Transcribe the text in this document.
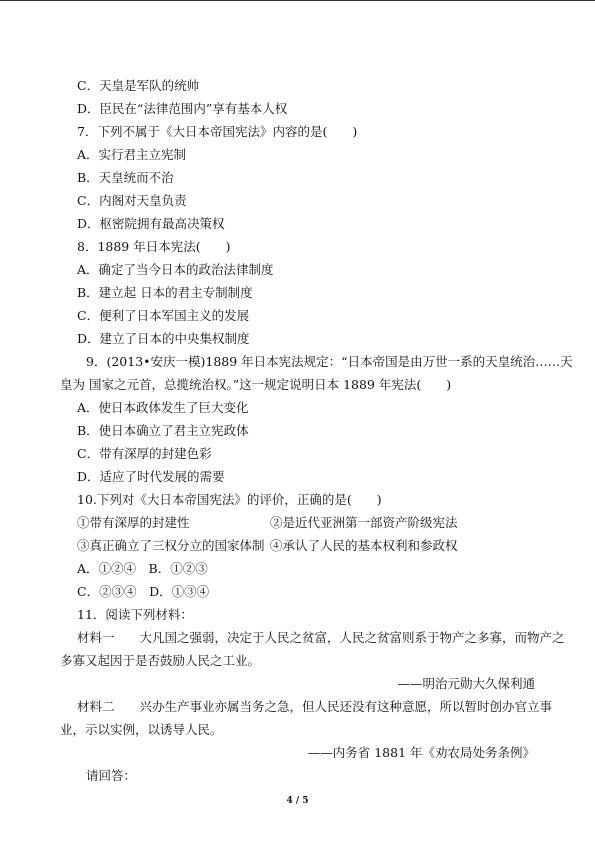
C．天皇是军队的统帅
D．臣民在“法律范围内”享有基本人权
7．下列不属于《大日本帝国宪法》内容的是(　　)
A．实行君主立宪制
B．天皇统而不治
C．内阁对天皇负责
D．枢密院拥有最高决策权
8．1889 年日本宪法(　　)
A．确定了当今日本的政治法律制度
B．建立起 日本的君主专制制度
C．便利了日本军国主义的发展
D．建立了日本的中央集权制度
9．(2013•安庆一模)1889 年日本宪法规定：“日本帝国是由万世一系的天皇统治……天
皇为 国家之元首，总揽统治权。”这一规定说明日本 1889 年宪法(　　)
A．使日本政体发生了巨大变化
B．使日本确立了君主立宪政体
C．带有深厚的封建色彩
D．适应了时代发展的需要
10.下列对《大日本帝国宪法》的评价，正确的是(　　)
①带有深厚的封建性	②是近代亚洲第一部资产阶级宪法
③真正确立了三权分立的国家体制 ④承认了人民的基本权利和参政权
A．①②④　B．①②③
C．②③④　D．①③④
11．阅读下列材料：
材料一　　大凡国之强弱，决定于人民之贫富，人民之贫富则系于物产之多寡，而物产之
多寡又起因于是否鼓励人民之工业。
——明治元勋大久保利通
材料二　　兴办生产事业亦属当务之急，但人民还没有这种意愿，所以暂时创办官立事
业，示以实例，以诱导人民。
——内务省 1881 年《劝农局处务条例》
请回答：
4 / 5
